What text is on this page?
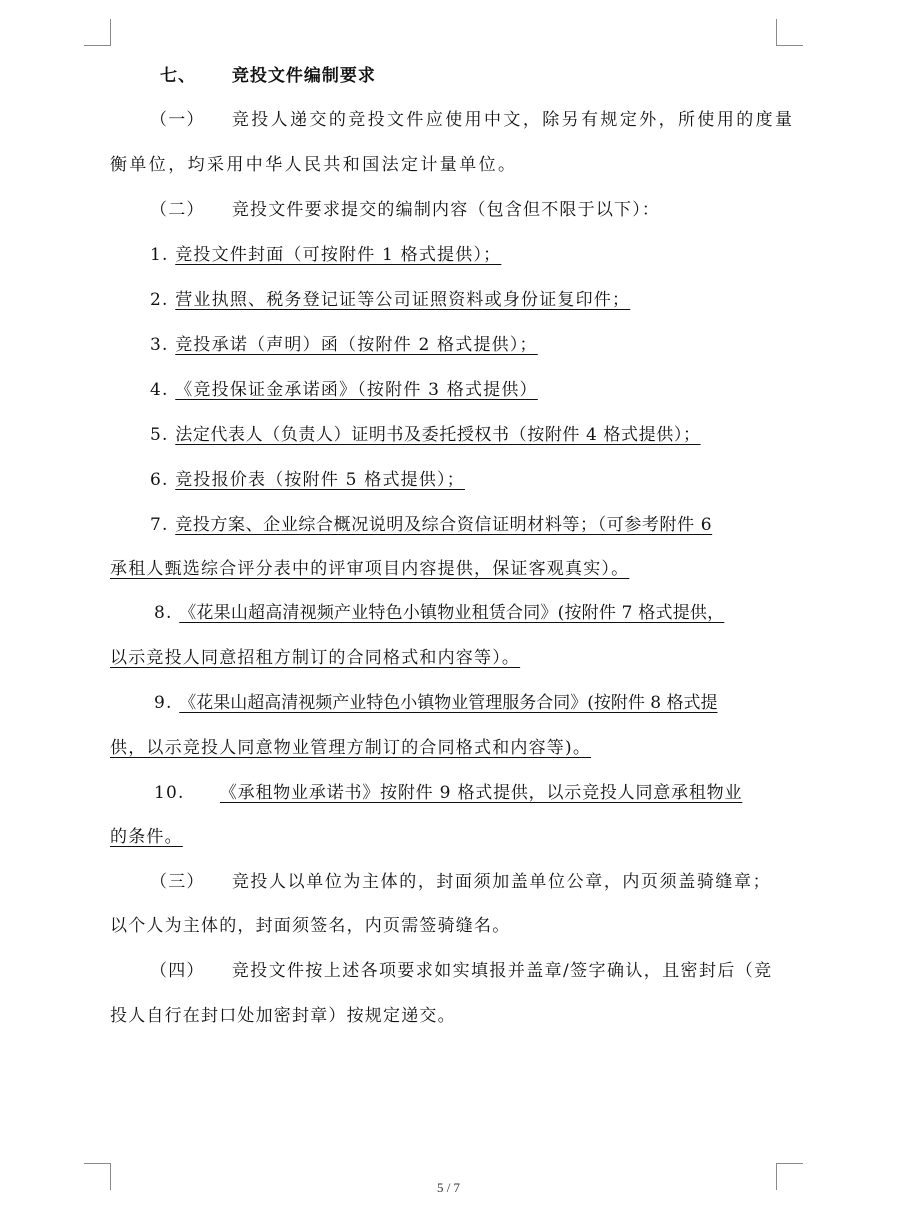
七、 竞投文件编制要求
（一） 竞投人递交的竞投文件应使用中文，除另有规定外，所使用的度量
衡单位，均采用中华人民共和国法定计量单位。
（二） 竞投文件要求提交的编制内容（包含但不限于以下）：
1. 竞投文件封面（可按附件 1 格式提供）；
2. 营业执照、税务登记证等公司证照资料或身份证复印件；
3. 竞投承诺（声明）函（按附件 2 格式提供）；
4. 《竞投保证金承诺函》（按附件 3 格式提供）
5. 法定代表人（负责人）证明书及委托授权书（按附件 4 格式提供）；
6. 竞投报价表（按附件 5 格式提供）；
7. 竞投方案、企业综合概况说明及综合资信证明材料等；（可参考附件 6
承租人甄选综合评分表中的评审项目内容提供，保证客观真实）。
8. 《花果山超高清视频产业特色小镇物业租赁合同》(按附件 7 格式提供，
以示竞投人同意招租方制订的合同格式和内容等）。
9. 《花果山超高清视频产业特色小镇物业管理服务合同》(按附件 8 格式提
供，以示竞投人同意物业管理方制订的合同格式和内容等)。
10. 《承租物业承诺书》按附件 9 格式提供，以示竞投人同意承租物业
的条件。
（三） 竞投人以单位为主体的，封面须加盖单位公章，内页须盖骑缝章；
以个人为主体的，封面须签名，内页需签骑缝名。
（四） 竞投文件按上述各项要求如实填报并盖章/签字确认，且密封后（竞
投人自行在封口处加密封章）按规定递交。
5 / 7
